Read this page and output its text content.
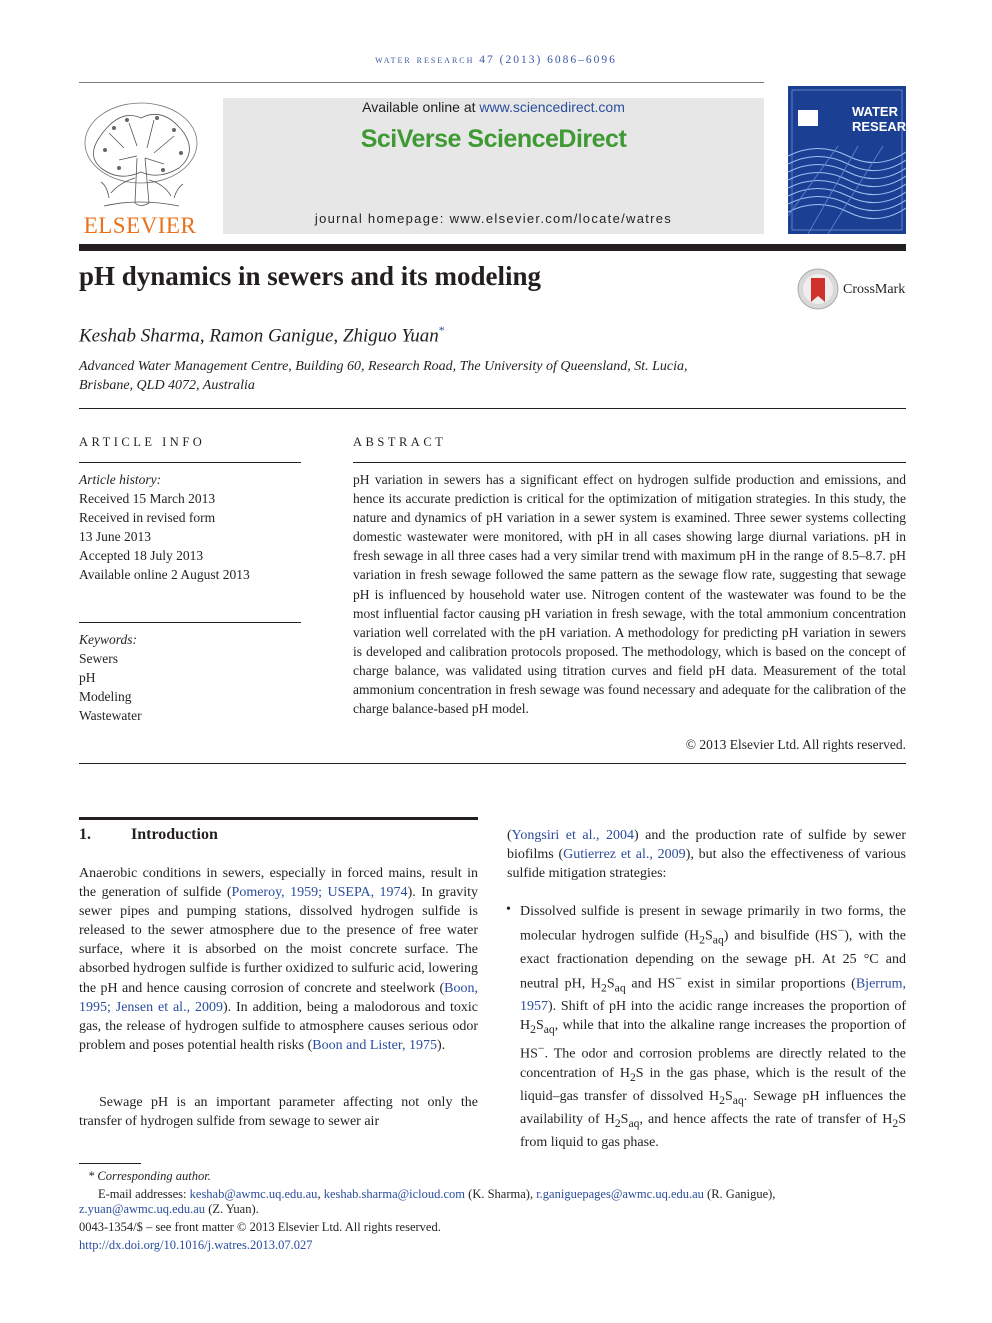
water research 47 (2013) 6086–6096
ELSEVIER
Available online at www.sciencedirect.com
SciVerse ScienceDirect
journal homepage: www.elsevier.com/locate/watres
WATER
RESEARCH
pH dynamics in sewers and its modeling	CrossMark
Keshab Sharma, Ramon Ganigue, Zhiguo Yuan*
Advanced Water Management Centre, Building 60, Research Road, The University of Queensland, St. Lucia,
Brisbane, QLD 4072, Australia
ARTICLE INFO
Article history:
Received 15 March 2013
Received in revised form
13 June 2013
Accepted 18 July 2013
Available online 2 August 2013
Keywords:
Sewers
pH
Modeling
Wastewater
ABSTRACT

pH variation in sewers has a significant effect on hydrogen sulfide production and emissions, and hence its accurate prediction is critical for the optimization of mitigation strategies. In this study, the nature and dynamics of pH variation in a sewer system is examined. Three sewer systems collecting domestic wastewater were monitored, with pH in all cases showing large diurnal variations. pH in fresh sewage in all three cases had a very similar trend with maximum pH in the range of 8.5–8.7. pH variation in fresh sewage followed the same pattern as the sewage flow rate, suggesting that sewage pH is influenced by household water use. Nitrogen content of the wastewater was found to be the most influential factor causing pH variation in fresh sewage, with the total ammonium concentration variation well correlated with the pH variation. A methodology for predicting pH variation in sewers is developed and calibration protocols proposed. The methodology, which is based on the concept of charge balance, was validated using titration curves and field pH data. Measurement of the total ammonium concentration in fresh sewage was found necessary and adequate for the calibration of the charge balance-based pH model.

© 2013 Elsevier Ltd. All rights reserved.
1.	Introduction

Anaerobic conditions in sewers, especially in forced mains, result in the generation of sulfide (Pomeroy, 1959; USEPA, 1974). In gravity sewer pipes and pumping stations, dissolved hydrogen sulfide is released to the sewer atmosphere due to the presence of free water surface, where it is absorbed on the moist concrete surface. The absorbed hydrogen sulfide is further oxidized to sulfuric acid, lowering the pH and hence causing corrosion of concrete and steelwork (Boon, 1995; Jensen et al., 2009). In addition, being a malodorous and toxic gas, the release of hydrogen sulfide to atmosphere causes serious odor problem and poses potential health risks (Boon and Lister, 1975).

Sewage pH is an important parameter affecting not only the transfer of hydrogen sulfide from sewage to sewer air

(Yongsiri et al., 2004) and the production rate of sulfide by sewer biofilms (Gutierrez et al., 2009), but also the effectiveness of various sulfide mitigation strategies:

• Dissolved sulfide is present in sewage primarily in two forms, the molecular hydrogen sulfide $(H_2S_{aq})$ and bisulfide (HS−), with the exact fractionation depending on the sewage pH. At 25 °C and neutral pH, $H_2S_{aq}$ and HS− exist in similar proportions (Bjerrum, 1957). Shift of pH into the acidic range increases the proportion of $H_2S_{aq}$, while that into the alkaline range increases the proportion of HS−. The odor and corrosion problems are directly related to the concentration of $H_2S$ in the gas phase, which is the result of the liquid–gas transfer of dissolved $H_2S_{aq}$. Sewage pH influences the availability of $H_2S_{aq}$, and hence affects the rate of transfer of $H_2S$ from liquid to gas phase.

* Corresponding author.
E-mail addresses: keshab@awmc.uq.edu.au, keshab.sharma@icloud.com (K. Sharma), r.ganiguepages@awmc.uq.edu.au (R. Ganigue),
z.yuan@awmc.uq.edu.au (Z. Yuan).
0043-1354/$ – see front matter © 2013 Elsevier Ltd. All rights reserved.
http://dx.doi.org/10.1016/j.watres.2013.07.027
